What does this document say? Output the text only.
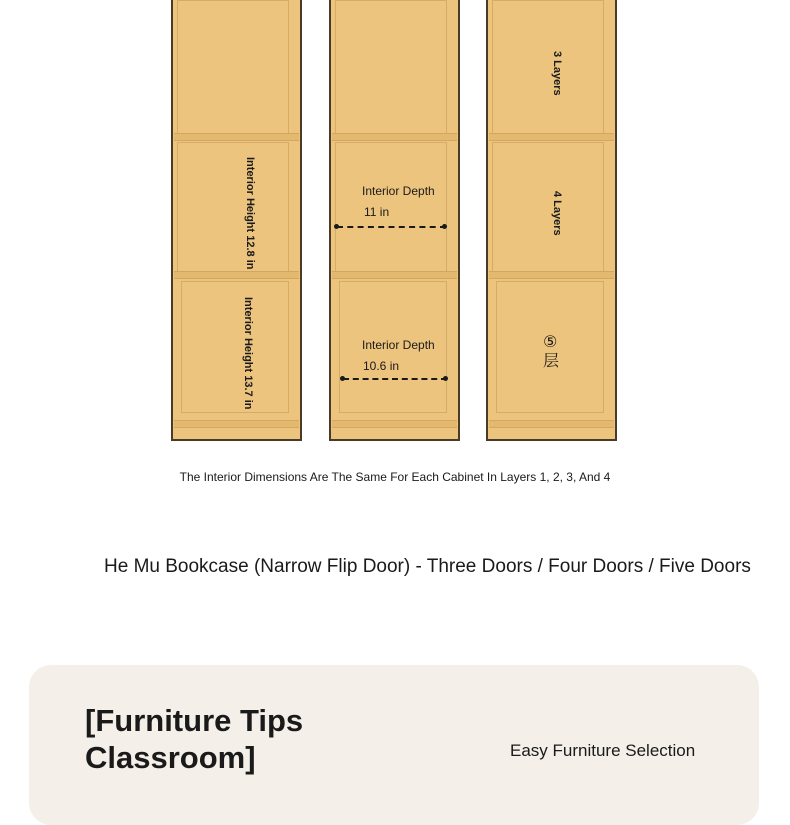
Interior Height 12.8 in
Interior Height 13.7 in
Interior Depth
11 in
Interior Depth
10.6 in
3 Layers
4 Layers
⑤
层
The Interior Dimensions Are The Same For Each Cabinet In Layers 1, 2, 3, And 4
He Mu Bookcase (Narrow Flip Door) - Three Doors / Four Doors / Five Doors
[Furniture Tips Classroom]	Easy Furniture Selection
